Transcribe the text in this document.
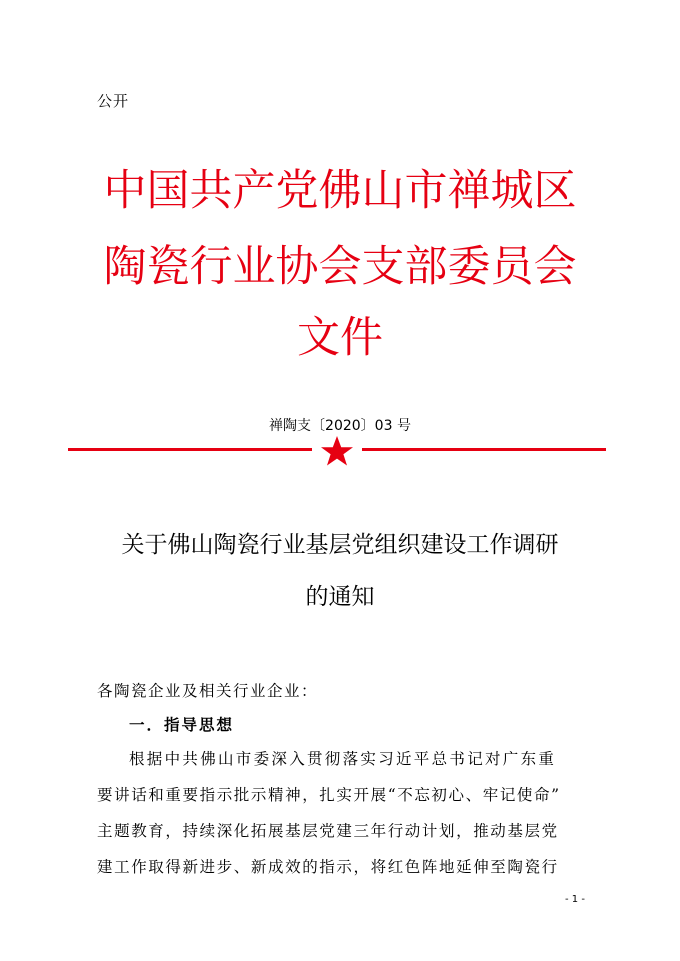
公开
中国共产党佛山市禅城区
陶瓷行业协会支部委员会
文件
禅陶支〔2020〕03 号
关于佛山陶瓷行业基层党组织建设工作调研
的通知
各陶瓷企业及相关行业企业：
一．指导思想
根据中共佛山市委深入贯彻落实习近平总书记对广东重
要讲话和重要指示批示精神，扎实开展“不忘初心、牢记使命”
主题教育，持续深化拓展基层党建三年行动计划，推动基层党
建工作取得新进步、新成效的指示，将红色阵地延伸至陶瓷行
- 1 -
